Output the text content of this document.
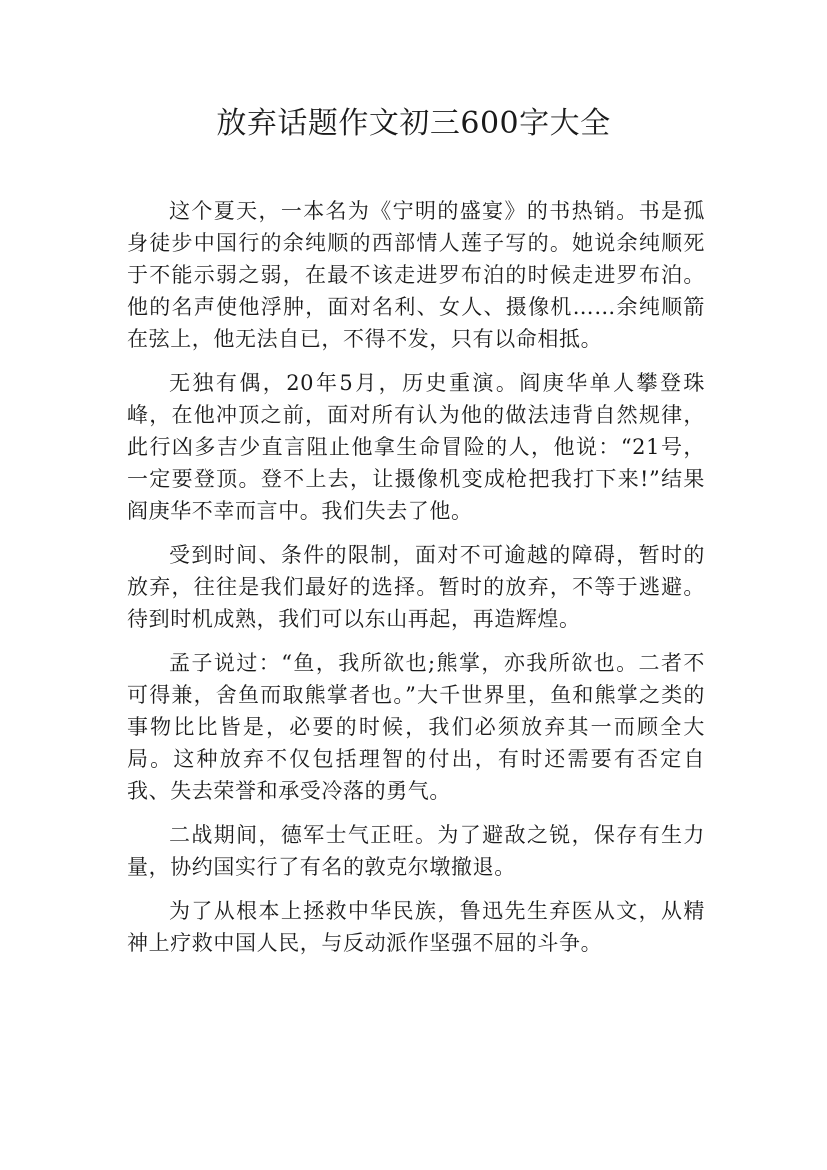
放弃话题作文初三600字大全

这个夏天，一本名为《宁明的盛宴》的书热销。书是孤身徒步中国行的余纯顺的西部情人莲子写的。她说余纯顺死于不能示弱之弱，在最不该走进罗布泊的时候走进罗布泊。他的名声使他浮肿，面对名利、女人、摄像机……余纯顺箭在弦上，他无法自已，不得不发，只有以命相抵。

无独有偶，20年5月，历史重演。阎庚华单人攀登珠峰，在他冲顶之前，面对所有认为他的做法违背自然规律，此行凶多吉少直言阻止他拿生命冒险的人，他说：“21号，一定要登顶。登不上去，让摄像机变成枪把我打下来!”结果阎庚华不幸而言中。我们失去了他。

受到时间、条件的限制，面对不可逾越的障碍，暂时的放弃，往往是我们最好的选择。暂时的放弃，不等于逃避。待到时机成熟，我们可以东山再起，再造辉煌。

孟子说过：“鱼，我所欲也;熊掌，亦我所欲也。二者不可得兼，舍鱼而取熊掌者也。”大千世界里，鱼和熊掌之类的事物比比皆是，必要的时候，我们必须放弃其一而顾全大局。这种放弃不仅包括理智的付出，有时还需要有否定自我、失去荣誉和承受冷落的勇气。

二战期间，德军士气正旺。为了避敌之锐，保存有生力量，协约国实行了有名的敦克尔墩撤退。

为了从根本上拯救中华民族，鲁迅先生弃医从文，从精神上疗救中国人民，与反动派作坚强不屈的斗争。
